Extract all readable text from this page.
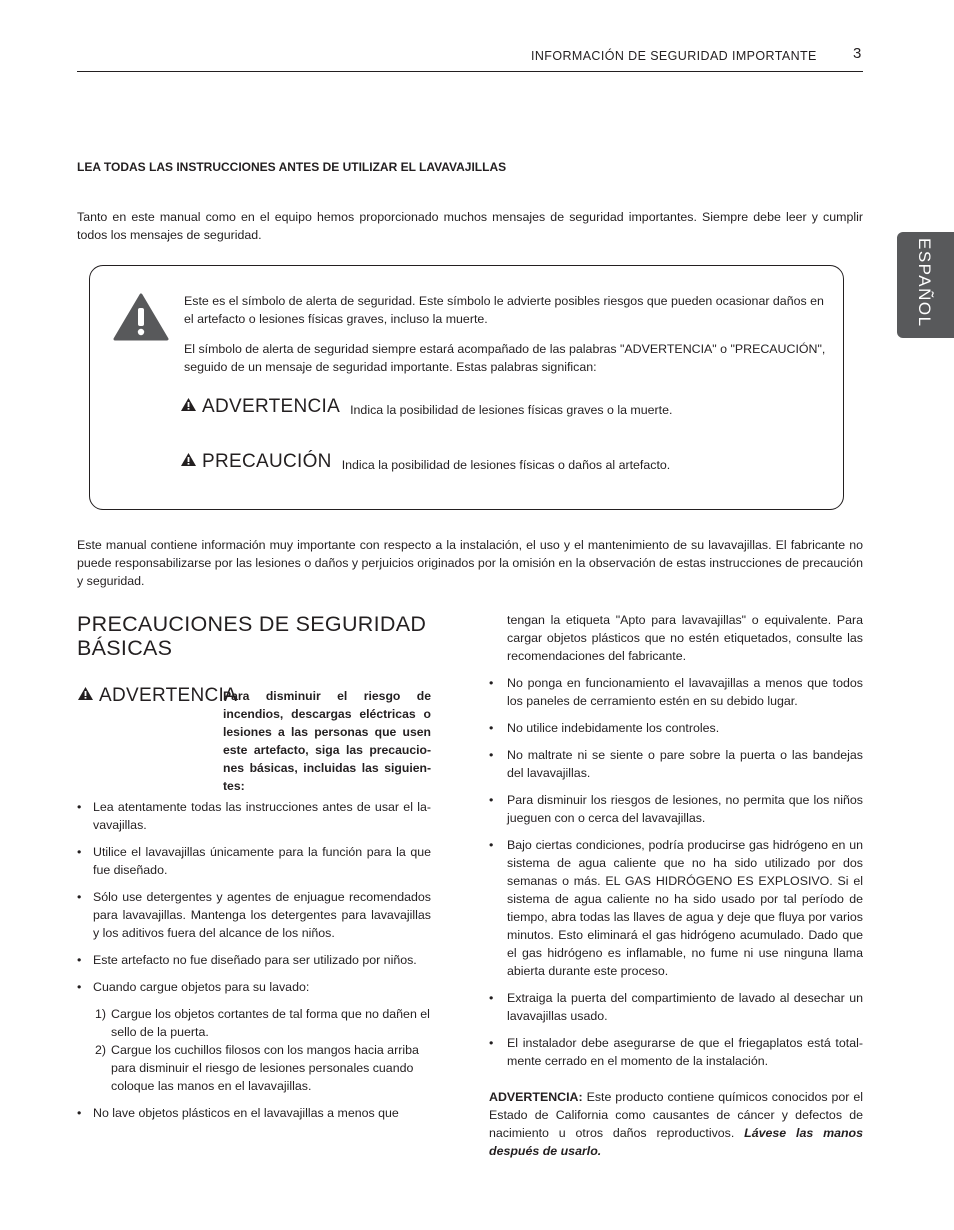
INFORMACIÓN DE SEGURIDAD IMPORTANTE 3
ESPAÑOL
LEA TODAS LAS INSTRUCCIONES ANTES DE UTILIZAR EL LAVAVAJILLAS
Tanto en este manual como en el equipo hemos proporcionado muchos mensajes de seguridad importantes. Siempre debe leer y cumplir todos los mensajes de seguridad.
Este es el símbolo de alerta de seguridad. Este símbolo le advierte posibles riesgos que pueden ocasionar daños en el artefacto o lesiones físicas graves, incluso la muerte.
El símbolo de alerta de seguridad siempre estará acompañado de las palabras "ADVERTENCIA" o "PRECAUCIÓN", seguido de un mensaje de seguridad importante. Estas palabras significan:
ADVERTENCIA Indica la posibilidad de lesiones físicas graves o la muerte.
PRECAUCIÓN Indica la posibilidad de lesiones físicas o daños al artefacto.
Este manual contiene información muy importante con respecto a la instalación, el uso y el mantenimiento de su lavavajillas. El fabricante no puede responsabilizarse por las lesiones o daños y perjuicios originados por la omisión en la observación de estas instrucciones de precaución y seguridad.
PRECAUCIONES DE SEGURIDAD BÁSICAS
ADVERTENCIA
Para disminuir el riesgo de incendios, descargas eléctricas o lesiones a las personas que usen este artefacto, siga las precauciones básicas, incluidas las siguientes:
• Lea atentamente todas las instrucciones antes de usar el lavavajillas.
• Utilice el lavavajillas únicamente para la función para la que fue diseñado.
• Sólo use detergentes y agentes de enjuague recomendados para lavavajillas. Mantenga los detergentes para lavavajillas y los aditivos fuera del alcance de los niños.
• Este artefacto no fue diseñado para ser utilizado por niños.
• Cuando cargue objetos para su lavado:
1) Cargue los objetos cortantes de tal forma que no dañen el sello de la puerta.
2) Cargue los cuchillos filosos con los mangos hacia arriba para disminuir el riesgo de lesiones personales cuando coloque las manos en el lavavajillas.
• No lave objetos plásticos en el lavavajillas a menos que
tengan la etiqueta "Apto para lavavajillas" o equivalente. Para cargar objetos plásticos que no estén etiquetados, consulte las recomendaciones del fabricante.
• No ponga en funcionamiento el lavavajillas a menos que todos los paneles de cerramiento estén en su debido lugar.
• No utilice indebidamente los controles.
• No maltrate ni se siente o pare sobre la puerta o las bandejas del lavavajillas.
• Para disminuir los riesgos de lesiones, no permita que los niños jueguen con o cerca del lavavajillas.
• Bajo ciertas condiciones, podría producirse gas hidrógeno en un sistema de agua caliente que no ha sido utilizado por dos semanas o más. EL GAS HIDRÓGENO ES EXPLOSIVO. Si el sistema de agua caliente no ha sido usado por tal período de tiempo, abra todas las llaves de agua y deje que fluya por varios minutos. Esto eliminará el gas hidrógeno acumulado. Dado que el gas hidrógeno es inflamable, no fume ni use ninguna llama abierta durante este proceso.
• Extraiga la puerta del compartimiento de lavado al desechar un lavavajillas usado.
• El instalador debe asegurarse de que el friegaplatos está totalmente cerrado en el momento de la instalación.
ADVERTENCIA: Este producto contiene químicos conocidos por el Estado de California como causantes de cáncer y defectos de nacimiento u otros daños reproductivos. Lávese las manos después de usarlo.
